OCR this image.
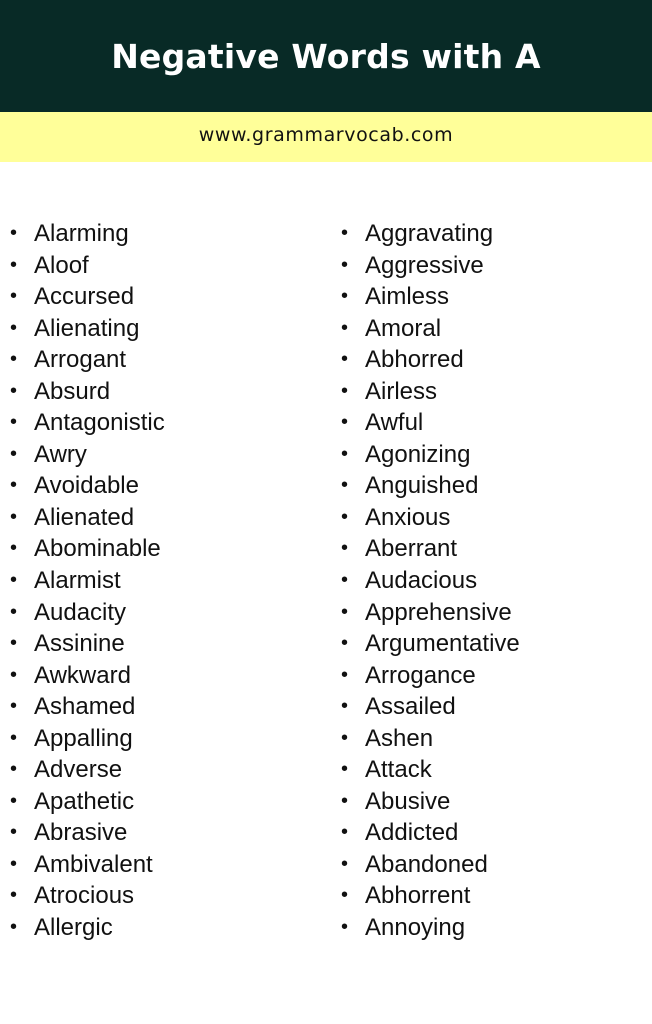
Negative Words with A
www.grammarvocab.com
• Alarming
• Aloof
• Accursed
• Alienating
• Arrogant
• Absurd
• Antagonistic
• Awry
• Avoidable
• Alienated
• Abominable
• Alarmist
• Audacity
• Assinine
• Awkward
• Ashamed
• Appalling
• Adverse
• Apathetic
• Abrasive
• Ambivalent
• Atrocious
• Allergic
• Aggravating
• Aggressive
• Aimless
• Amoral
• Abhorred
• Airless
• Awful
• Agonizing
• Anguished
• Anxious
• Aberrant
• Audacious
• Apprehensive
• Argumentative
• Arrogance
• Assailed
• Ashen
• Attack
• Abusive
• Addicted
• Abandoned
• Abhorrent
• Annoying
